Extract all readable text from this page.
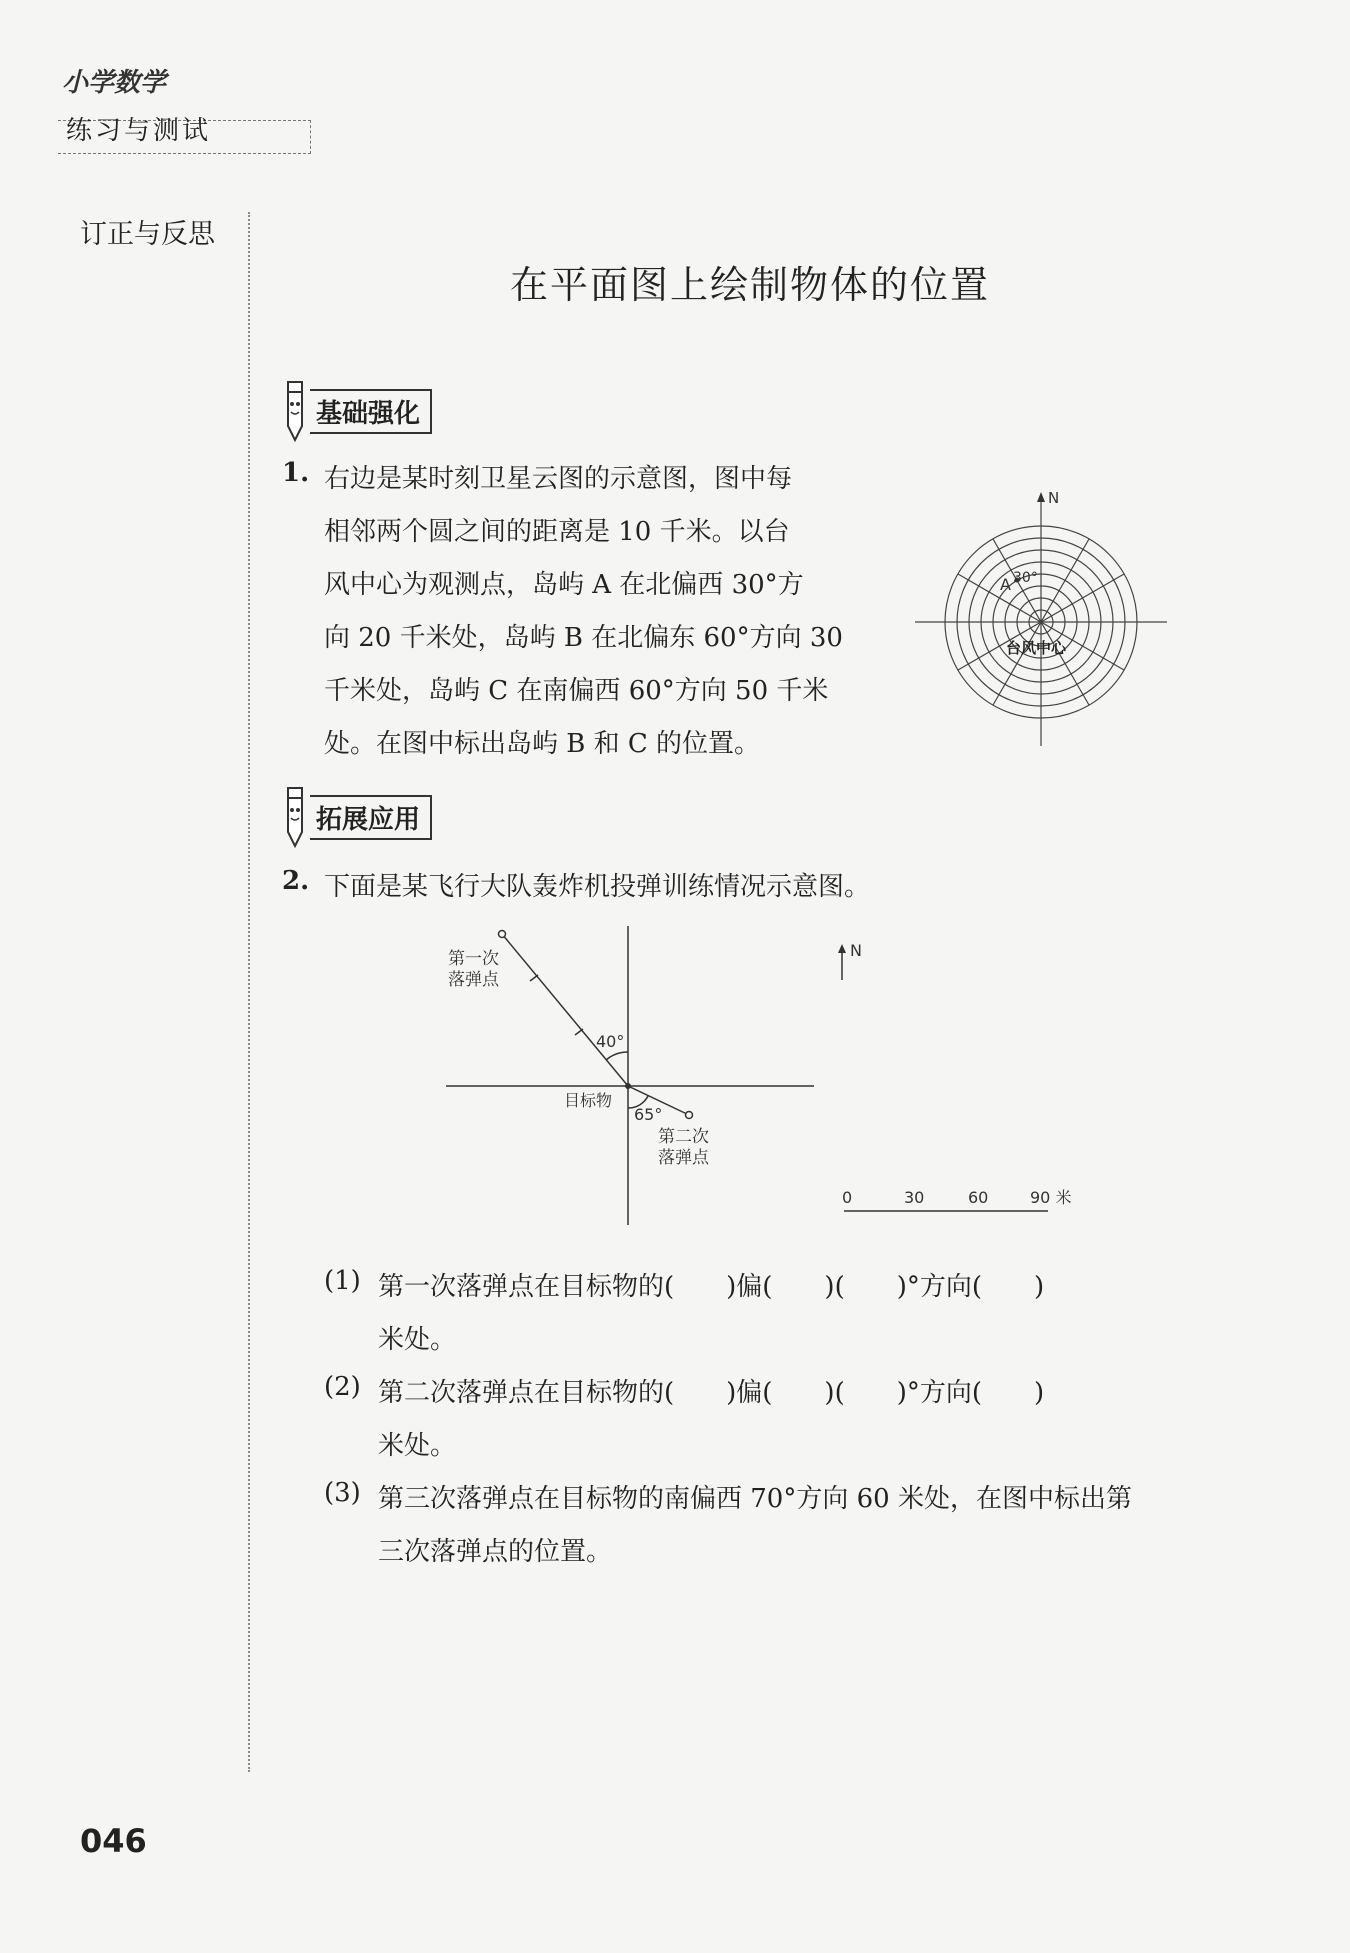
小学数学
练习与测试
订正与反思
在平面图上绘制物体的位置
基础强化
1. 右边是某时刻卫星云图的示意图，图中每
相邻两个圆之间的距离是 10 千米。以台
风中心为观测点，岛屿 A 在北偏西 30°方
向 20 千米处，岛屿 B 在北偏东 60°方向 30
千米处，岛屿 C 在南偏西 60°方向 50 千米
处。在图中标出岛屿 B 和 C 的位置。
N
A 30°
台风中心
拓展应用
2. 下面是某飞行大队轰炸机投弹训练情况示意图。
第一次
落弹点
40°
目标物
65°
第二次
落弹点
N
0	30	60	90 米
(1) 第一次落弹点在目标物的(　　)偏(　　)(　　)°方向(　　)
米处。
(2) 第二次落弹点在目标物的(　　)偏(　　)(　　)°方向(　　)
米处。
(3) 第三次落弹点在目标物的南偏西 70°方向 60 米处，在图中标出第
三次落弹点的位置。
046
